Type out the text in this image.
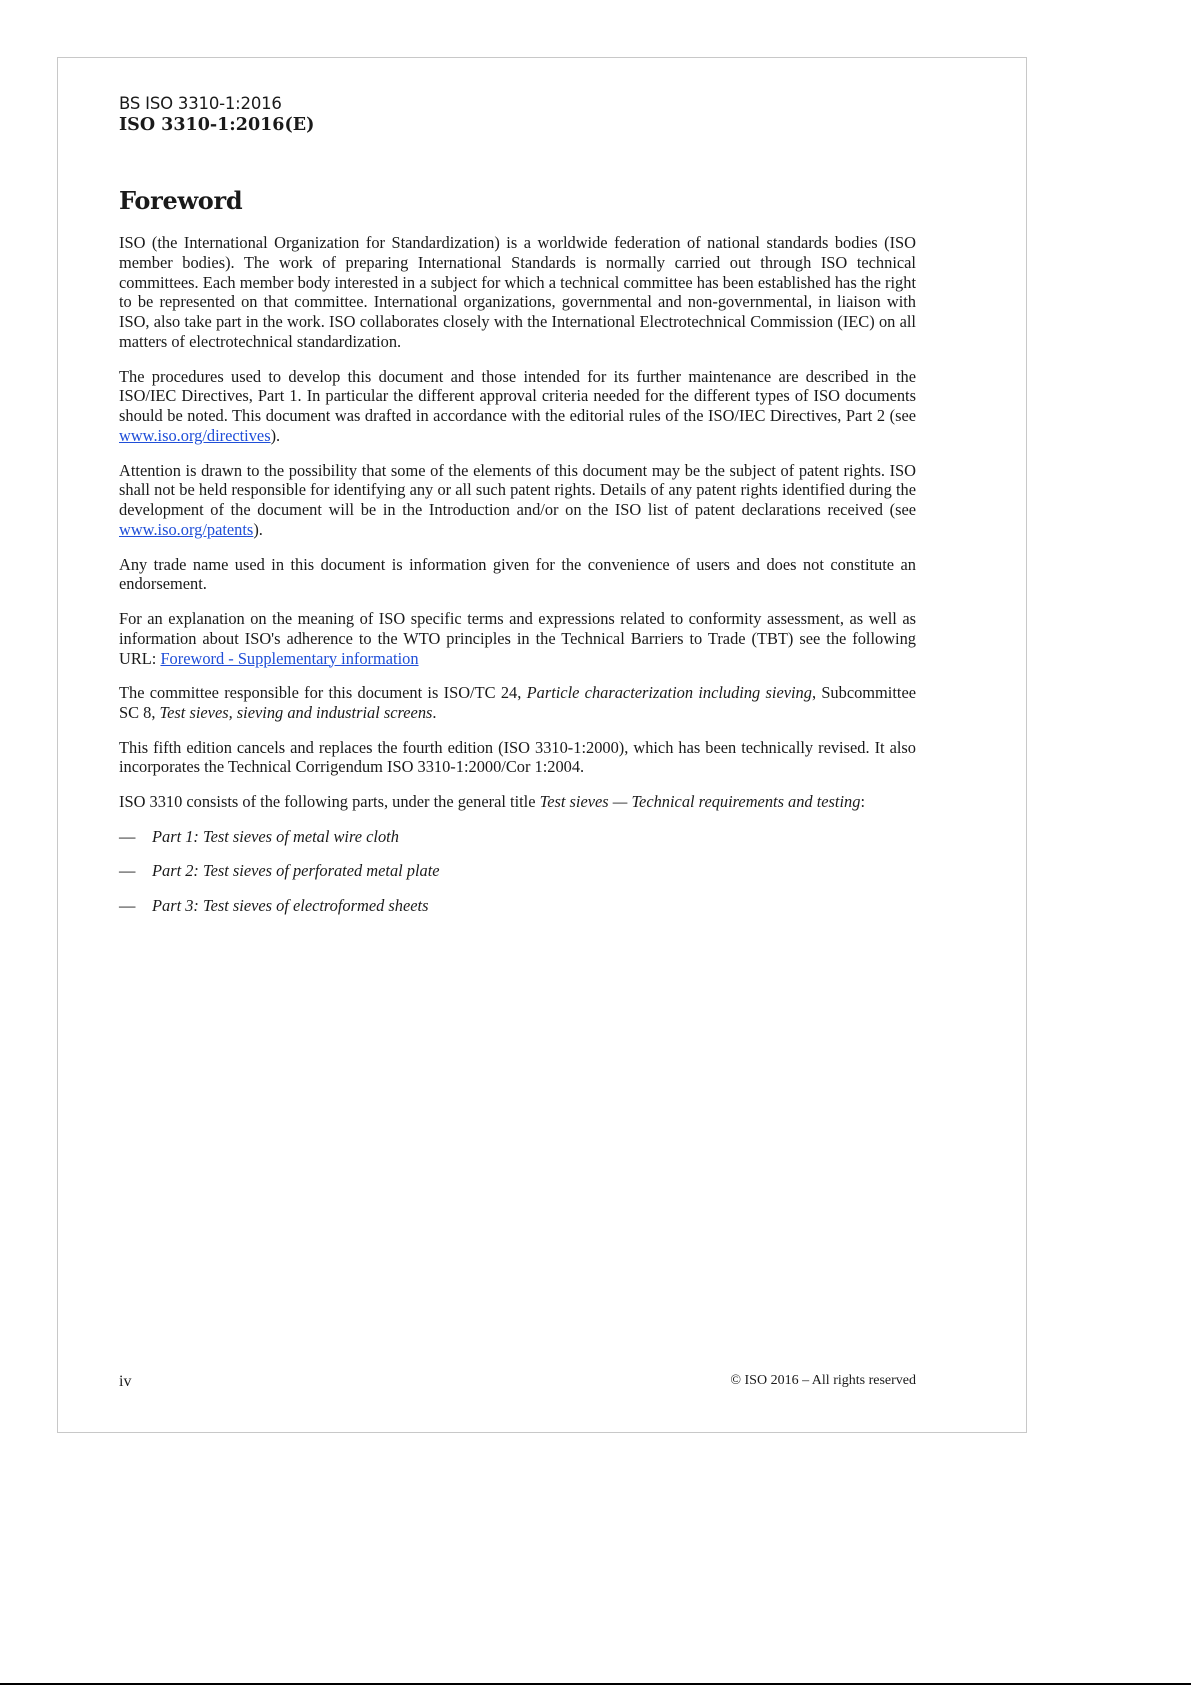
BS ISO 3310-1:2016

ISO 3310-1:2016(E)

Foreword

ISO (the International Organization for Standardization) is a worldwide federation of national standards bodies (ISO member bodies). The work of preparing International Standards is normally carried out through ISO technical committees. Each member body interested in a subject for which a technical committee has been established has the right to be represented on that committee. International organizations, governmental and non-governmental, in liaison with ISO, also take part in the work. ISO collaborates closely with the International Electrotechnical Commission (IEC) on all matters of electrotechnical standardization.

The procedures used to develop this document and those intended for its further maintenance are described in the ISO/IEC Directives, Part 1. In particular the different approval criteria needed for the different types of ISO documents should be noted. This document was drafted in accordance with the editorial rules of the ISO/IEC Directives, Part 2 (see www.iso.org/directives).

Attention is drawn to the possibility that some of the elements of this document may be the subject of patent rights. ISO shall not be held responsible for identifying any or all such patent rights. Details of any patent rights identified during the development of the document will be in the Introduction and/or on the ISO list of patent declarations received (see www.iso.org/patents).

Any trade name used in this document is information given for the convenience of users and does not constitute an endorsement.

For an explanation on the meaning of ISO specific terms and expressions related to conformity assessment, as well as information about ISO's adherence to the WTO principles in the Technical Barriers to Trade (TBT) see the following URL: Foreword - Supplementary information

The committee responsible for this document is ISO/TC 24, Particle characterization including sieving, Subcommittee SC 8, Test sieves, sieving and industrial screens.

This fifth edition cancels and replaces the fourth edition (ISO 3310-1:2000), which has been technically revised. It also incorporates the Technical Corrigendum ISO 3310-1:2000/Cor 1:2004.

ISO 3310 consists of the following parts, under the general title Test sieves — Technical requirements and testing:

—	Part 1: Test sieves of metal wire cloth
—	Part 2: Test sieves of perforated metal plate
—	Part 3: Test sieves of electroformed sheets
iv	© ISO 2016 – All rights reserved
